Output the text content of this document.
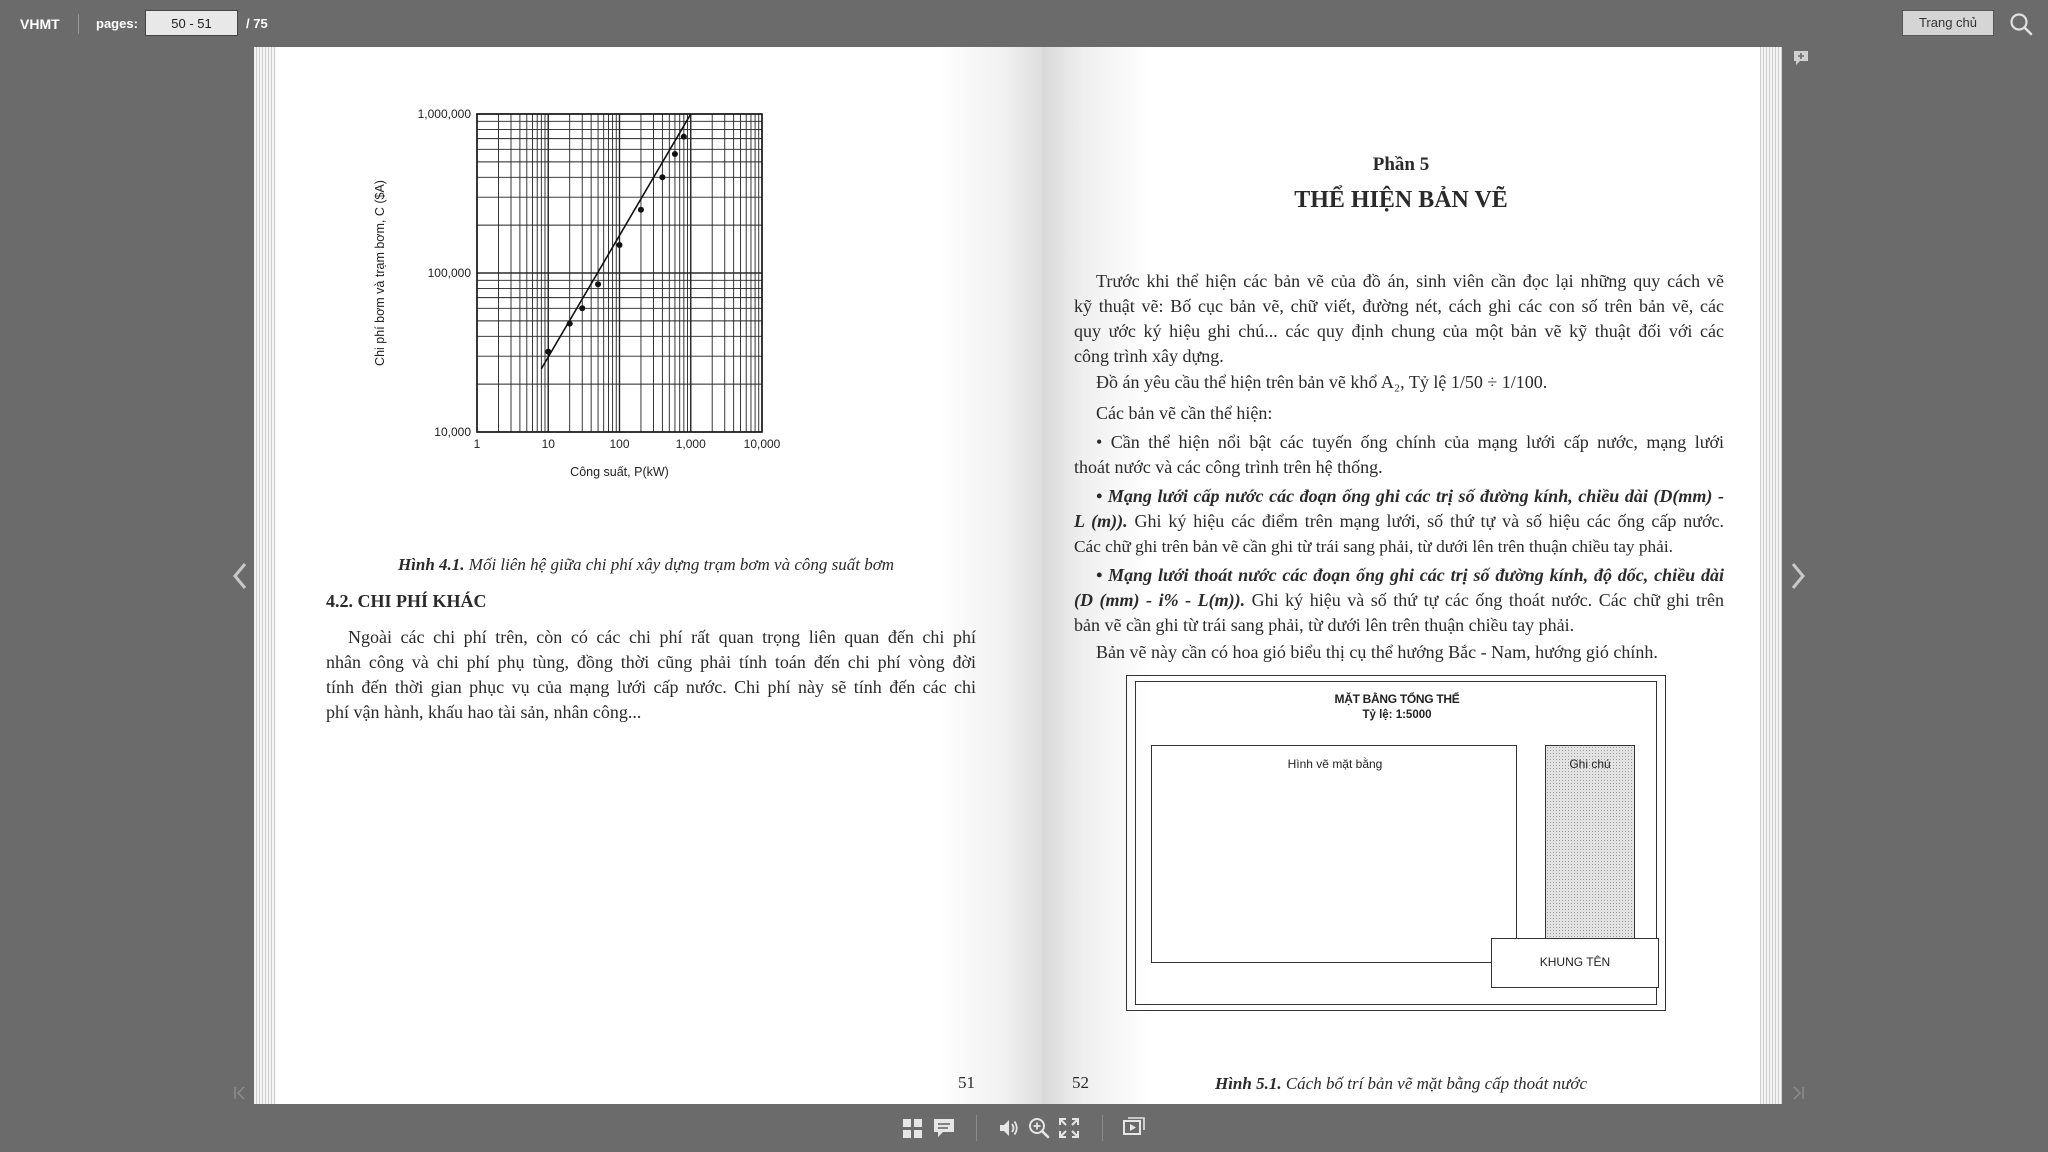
VHMT	pages:
50 - 51	/ 75	Trang chủ
1	10	100	1,000	10,000
10,000
100,000
1,000,000
Công suất, P(kW)
Chi phí bơm và trạm bơm, C ($A)
Hình 4.1. Mối liên hệ giữa chi phí xây dựng trạm bơm và công suất bơm
4.2. CHI PHÍ KHÁC
Ngoài các chi phí trên, còn có các chi phí rất quan trọng liên quan đến chi phí
nhân công và chi phí phụ tùng, đồng thời cũng phải tính toán đến chi phí vòng đời
tính đến thời gian phục vụ của mạng lưới cấp nước. Chi phí này sẽ tính đến các chi
phí vận hành, khấu hao tài sản, nhân công...
51
Phần 5
THỂ HIỆN BẢN VẼ
Trước khi thể hiện các bản vẽ của đồ án, sinh viên cần đọc lại những quy cách vẽ
kỹ thuật vẽ: Bố cục bản vẽ, chữ viết, đường nét, cách ghi các con số trên bản vẽ, các
quy ước ký hiệu ghi chú... các quy định chung của một bản vẽ kỹ thuật đối với các
công trình xây dựng.
Đồ án yêu cầu thể hiện trên bản vẽ khổ A₂, Tỷ lệ 1/50 ÷ 1/100.
Các bản vẽ cần thể hiện:
• Cần thể hiện nổi bật các tuyến ống chính của mạng lưới cấp nước, mạng lưới
thoát nước và các công trình trên hệ thống.
• Mạng lưới cấp nước các đoạn ống ghi các trị số đường kính, chiều dài (D(mm) -
L (m)). Ghi ký hiệu các điểm trên mạng lưới, số thứ tự và số hiệu các ống cấp nước.
Các chữ ghi trên bản vẽ cần ghi từ trái sang phải, từ dưới lên trên thuận chiều tay phải.
• Mạng lưới thoát nước các đoạn ống ghi các trị số đường kính, độ dốc, chiều dài
(D (mm) - i% - L(m)). Ghi ký hiệu và số thứ tự các ống thoát nước. Các chữ ghi trên
bản vẽ cần ghi từ trái sang phải, từ dưới lên trên thuận chiều tay phải.
Bản vẽ này cần có hoa gió biểu thị cụ thể hướng Bắc - Nam, hướng gió chính.
MẶT BẰNG TỔNG THỂ
Tỷ lệ: 1:5000
Hình vẽ mặt bằng	Ghi chú
KHUNG TÊN
Hình 5.1. Cách bố trí bản vẽ mặt bằng cấp thoát nước
52
